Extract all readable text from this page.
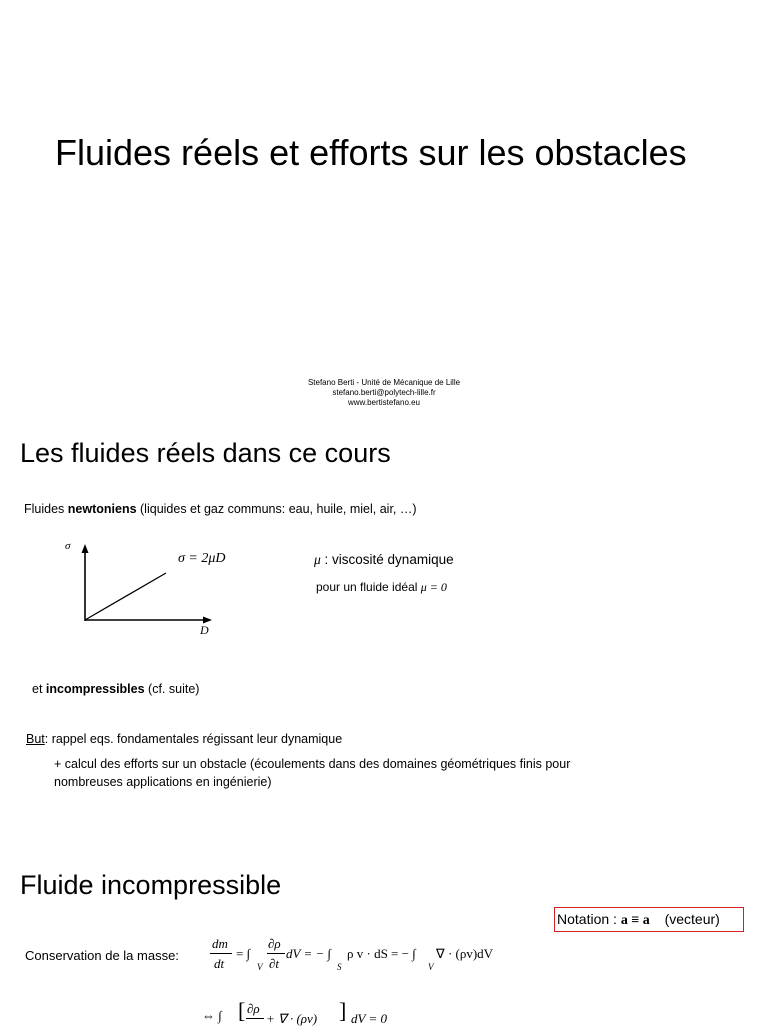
Fluides réels et efforts sur les obstacles
Stefano Berti - Unité de Mécanique de Lille
stefano.berti@polytech-lille.fr
www.bertistefano.eu
Les fluides réels dans ce cours
Fluides newtoniens (liquides et gaz communs: eau, huile, miel, air, …)
σ
D
σ = 2μD	μ : viscosité dynamique
pour un fluide idéal μ = 0
et incompressibles (cf. suite)
But: rappel eqs. fondamentales régissant leur dynamique
+ calcul des efforts sur un obstacle (écoulements dans des domaines géométriques finis pour
nombreuses applications en ingénierie)
Fluide incompressible
Notation : a ≡ a⃗ (vecteur)
Conservation de la masse:
dm
dt
= ∫
V
∂ρ
∂t
dV = − ∫
S
ρ v · dS = − ∫
V
∇ · (ρv)dV
⇔ ∫ [ ∂ρ
+ ∇ · (ρv) ] dV = 0
